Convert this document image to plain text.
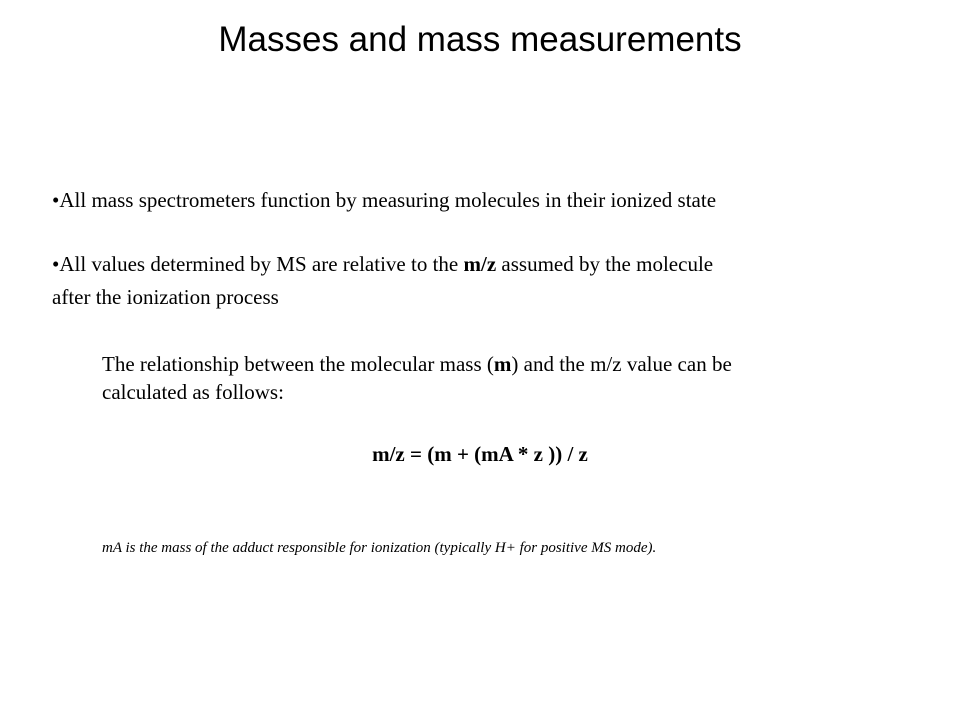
Masses and mass measurements
•All mass spectrometers function by measuring molecules in their ionized state
•All values determined by MS are relative to the m/z assumed by the molecule
after the ionization process
The relationship between the molecular mass (m) and the m/z value can be
calculated as follows:
m/z = (m + (mA * z )) / z
mA is the mass of the adduct responsible for ionization (typically H+ for positive MS mode).
